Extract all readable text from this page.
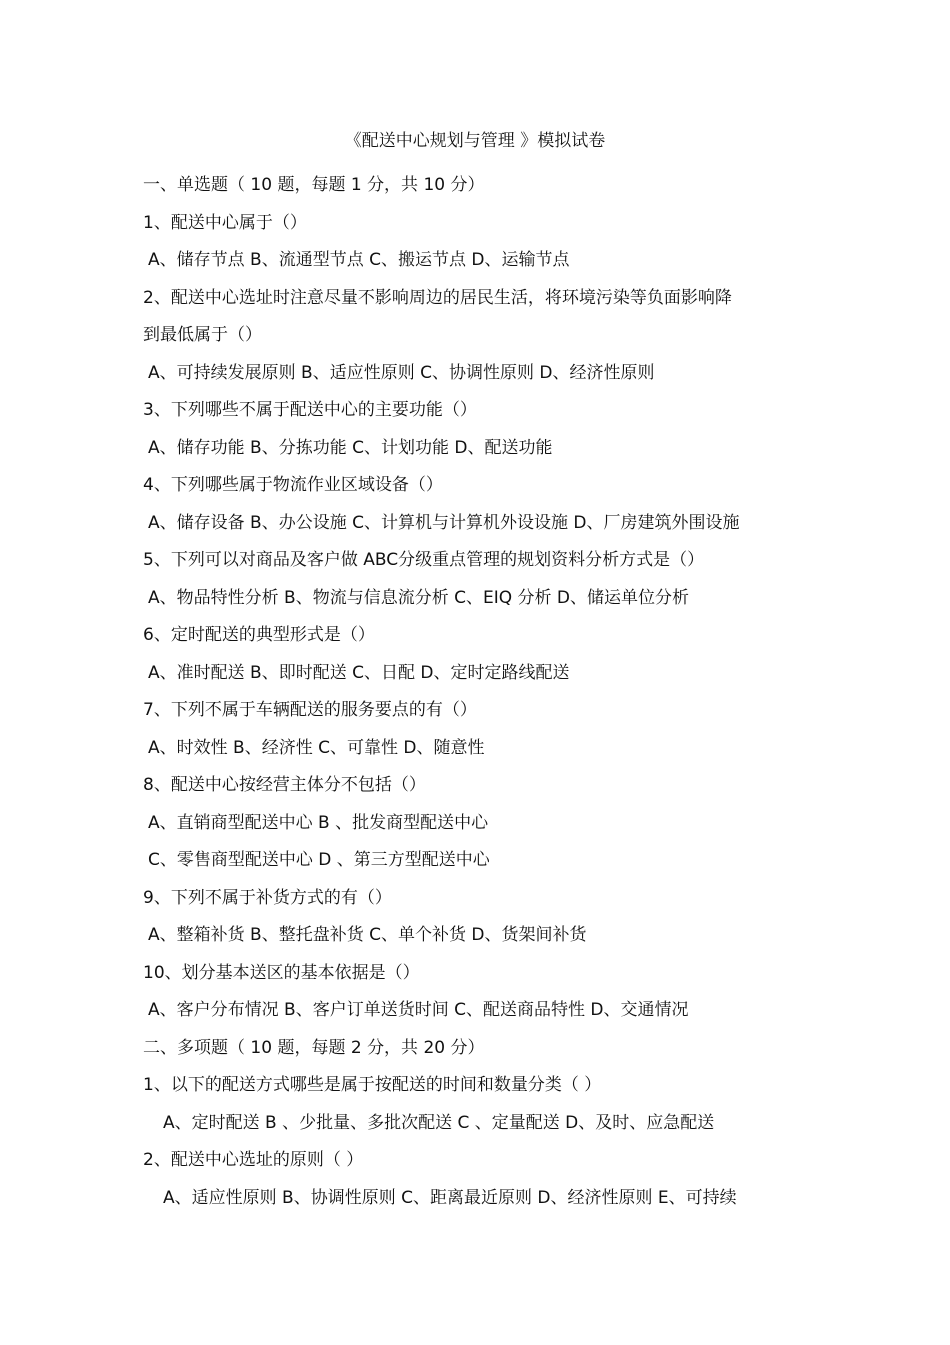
《配送中心规划与管理 》模拟试卷
一、单选题（ 10 题，每题 1 分，共 10 分）
1、配送中心属于（）
A、储存节点 B、流通型节点 C、搬运节点 D、运输节点
2、配送中心选址时注意尽量不影响周边的居民生活，将环境污染等负面影响降
到最低属于（）
A、可持续发展原则 B、适应性原则 C、协调性原则 D、经济性原则
3、下列哪些不属于配送中心的主要功能（）
A、储存功能 B、分拣功能 C、计划功能 D、配送功能
4、下列哪些属于物流作业区域设备（）
A、储存设备 B、办公设施 C、计算机与计算机外设设施 D、厂房建筑外围设施
5、下列可以对商品及客户做 ABC分级重点管理的规划资料分析方式是（）
A、物品特性分析 B、物流与信息流分析 C、EIQ 分析 D、储运单位分析
6、定时配送的典型形式是（）
A、准时配送 B、即时配送 C、日配 D、定时定路线配送
7、下列不属于车辆配送的服务要点的有（）
A、时效性 B、经济性 C、可靠性 D、随意性
8、配送中心按经营主体分不包括（）
A、直销商型配送中心 B 、批发商型配送中心
C、零售商型配送中心 D 、第三方型配送中心
9、下列不属于补货方式的有（）
A、整箱补货 B、整托盘补货 C、单个补货 D、货架间补货
10、划分基本送区的基本依据是（）
A、客户分布情况 B、客户订单送货时间 C、配送商品特性 D、交通情况
二、多项题（ 10 题，每题 2 分，共 20 分）
1、以下的配送方式哪些是属于按配送的时间和数量分类（ ）
A、定时配送 B 、少批量、多批次配送 C 、定量配送 D、及时、应急配送
2、配送中心选址的原则（ ）
A、适应性原则 B、协调性原则 C、距离最近原则 D、经济性原则 E、可持续
